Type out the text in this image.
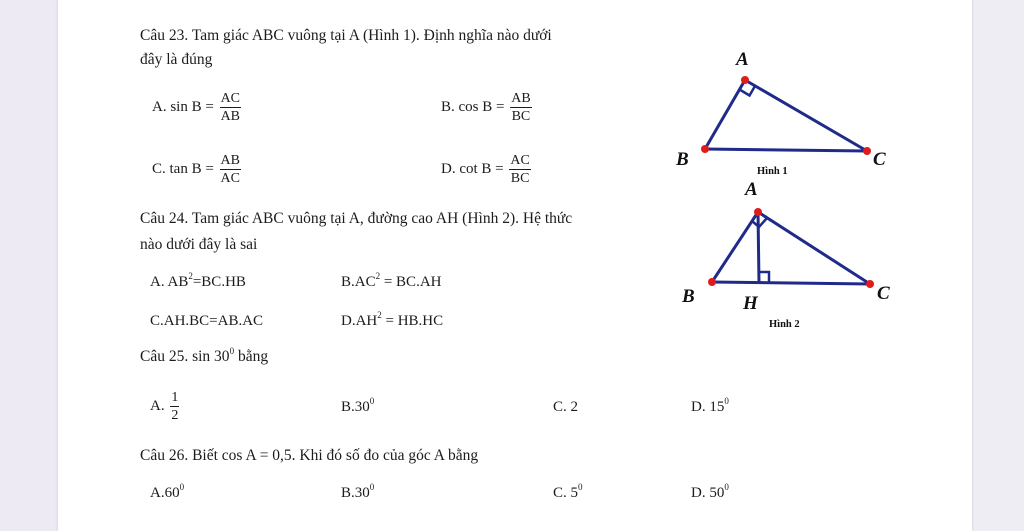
Câu 23. Tam giác ABC vuông tại A (Hình 1). Định nghĩa nào dưới
đây là đúng
A. $\sin B = \frac{AC}{AB}$	B. $\cos B = \frac{AB}{BC}$
C. $\tan B = \frac{AB}{AC}$	D. $\cot B = \frac{AC}{BC}$
Câu 24. Tam giác ABC vuông tại A, đường cao AH (Hình 2). Hệ thức
nào dưới đây là sai
A. $AB^2=BC.HB$	$B.AC^2 = BC.AH$
C.AH.BC=AB.AC	$D.AH^2 = HB.HC$
Câu 25. $\sin 30^0$ bằng
A. $\frac{1}{2}$	$B.30^0$	C. 2	D. $15^0$
Câu 26. Biết cos A = 0,5. Khi đó số đo của góc A bằng
$A.60^0$	$B.30^0$	C. $5^0$	D. $50^0$
A
B	C
Hình 1
A
B	C
H
Hình 2
